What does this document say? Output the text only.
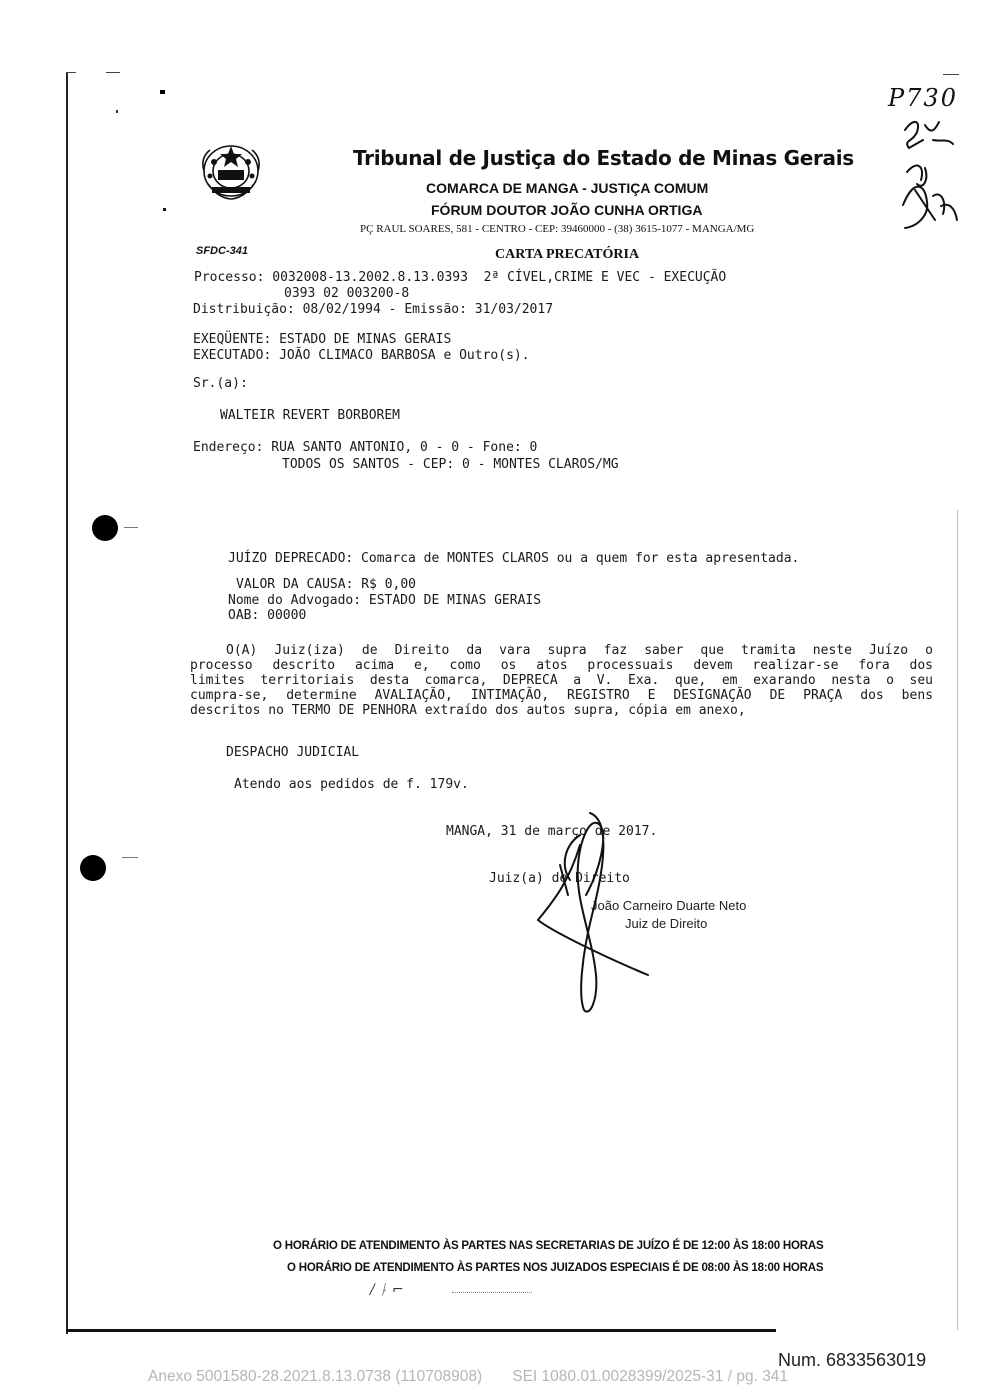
Tribunal de Justiça do Estado de Minas Gerais
COMARCA DE MANGA - JUSTIÇA COMUM
FÓRUM DOUTOR JOÃO CUNHA ORTIGA
PÇ RAUL SOARES, 581 - CENTRO - CEP: 39460000 - (38) 3615-1077 - MANGA/MG
SFDC-341	CARTA PRECATÓRIA
Processo: 0032008-13.2002.8.13.0393  2ª CÍVEL,CRIME E VEC - EXECUÇÃO
0393 02 003200-8
Distribuição: 08/02/1994 - Emissão: 31/03/2017
EXEQÜENTE: ESTADO DE MINAS GERAIS
EXECUTADO: JOÃO CLIMACO BARBOSA e Outro(s).
Sr.(a):
WALTEIR REVERT BORBOREM
Endereço: RUA SANTO ANTONIO, 0 - 0 - Fone: 0
TODOS OS SANTOS - CEP: 0 - MONTES CLAROS/MG
JUÍZO DEPRECADO: Comarca de MONTES CLAROS ou a quem for esta apresentada.
VALOR DA CAUSA: R$ 0,00
Nome do Advogado: ESTADO DE MINAS GERAIS
OAB: 00000
O(A) Juiz(iza) de Direito da vara supra faz saber que tramita neste Juízo o
processo descrito acima e, como os atos processuais devem realizar-se fora dos
limites territoriais desta comarca, DEPRECA a V. Exa. que, em exarando nesta o seu
cumpra-se, determine AVALIAÇÃO, INTIMAÇÃO, REGISTRO E DESIGNAÇÃO DE PRAÇA dos bens
descritos no TERMO DE PENHORA extraído dos autos supra, cópia em anexo,
DESPACHO JUDICIAL
Atendo aos pedidos de f. 179v.
MANGA, 31 de março de 2017.
Juiz(a) de Direito
João Carneiro Duarte Neto
Juiz de Direito
P730
O HORÁRIO DE ATENDIMENTO ÀS PARTES NAS SECRETARIAS DE JUÍZO É DE 12:00 ÀS 18:00 HORAS
O HORÁRIO DE ATENDIMENTO ÀS PARTES NOS JUIZADOS ESPECIAIS É DE 08:00 ÀS 18:00 HORAS
/ ᚿ ⌐
Num. 6833563019
Anexo 5001580-28.2021.8.13.0738 (110708908)       SEI 1080.01.0028399/2025-31 / pg. 341
